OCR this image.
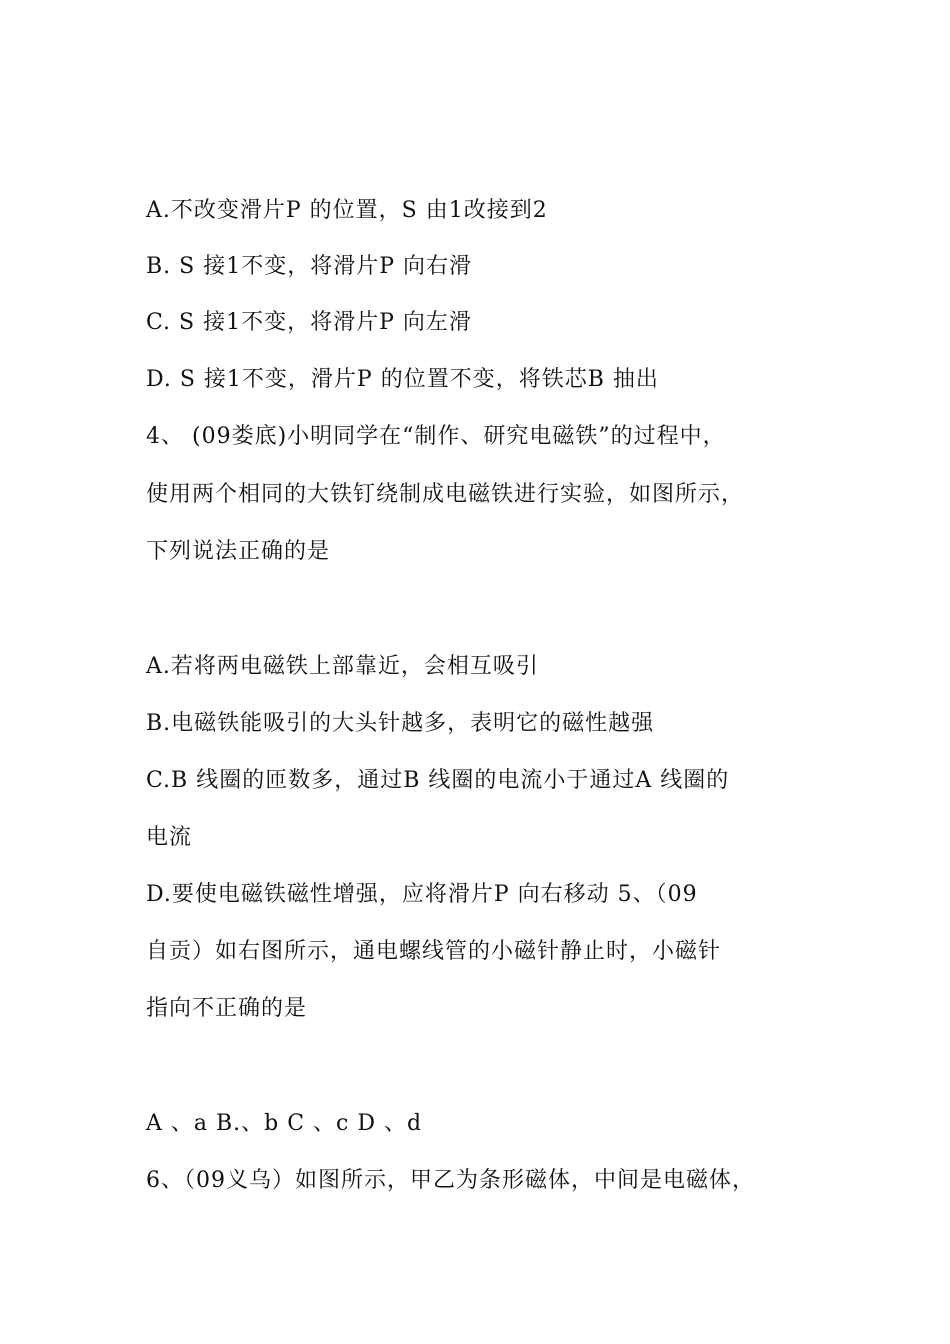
A.不改变滑片P 的位置，S 由1改接到2
B. S 接1不变，将滑片P 向右滑
C. S 接1不变，将滑片P 向左滑
D. S 接1不变，滑片P 的位置不变，将铁芯B 抽出
4、 (09娄底)小明同学在“制作、研究电磁铁”的过程中，
使用两个相同的大铁钉绕制成电磁铁进行实验，如图所示，
下列说法正确的是
A.若将两电磁铁上部靠近，会相互吸引
B.电磁铁能吸引的大头针越多，表明它的磁性越强
C.B 线圈的匝数多，通过B 线圈的电流小于通过A 线圈的
电流
D.要使电磁铁磁性增强，应将滑片P 向右移动 5、（09
自贡）如右图所示，通电螺线管的小磁针静止时，小磁针
指向不正确的是
A 、a B.、b C 、c D 、d
6、（09义乌）如图所示，甲乙为条形磁体，中间是电磁体，
